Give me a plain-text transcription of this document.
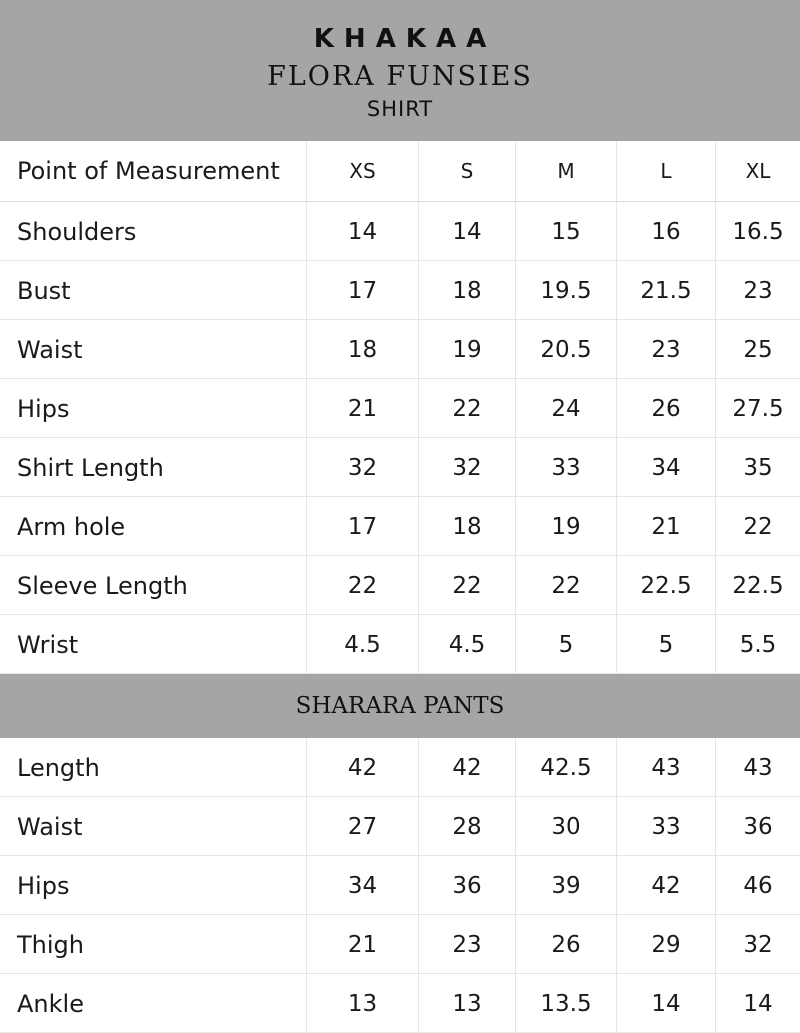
KHAKAA
FLORA FUNSIES
SHIRT
Point of Measurement	XS	S	M	L	XL
Shoulders	14	14	15	16	16.5
Bust	17	18	19.5	21.5	23
Waist	18	19	20.5	23	25
Hips	21	22	24	26	27.5
Shirt Length	32	32	33	34	35
Arm hole	17	18	19	21	22
Sleeve Length	22	22	22	22.5	22.5
Wrist	4.5	4.5	5	5	5.5
SHARARA PANTS
Length	42	42	42.5	43	43
Waist	27	28	30	33	36
Hips	34	36	39	42	46
Thigh	21	23	26	29	32
Ankle	13	13	13.5	14	14
